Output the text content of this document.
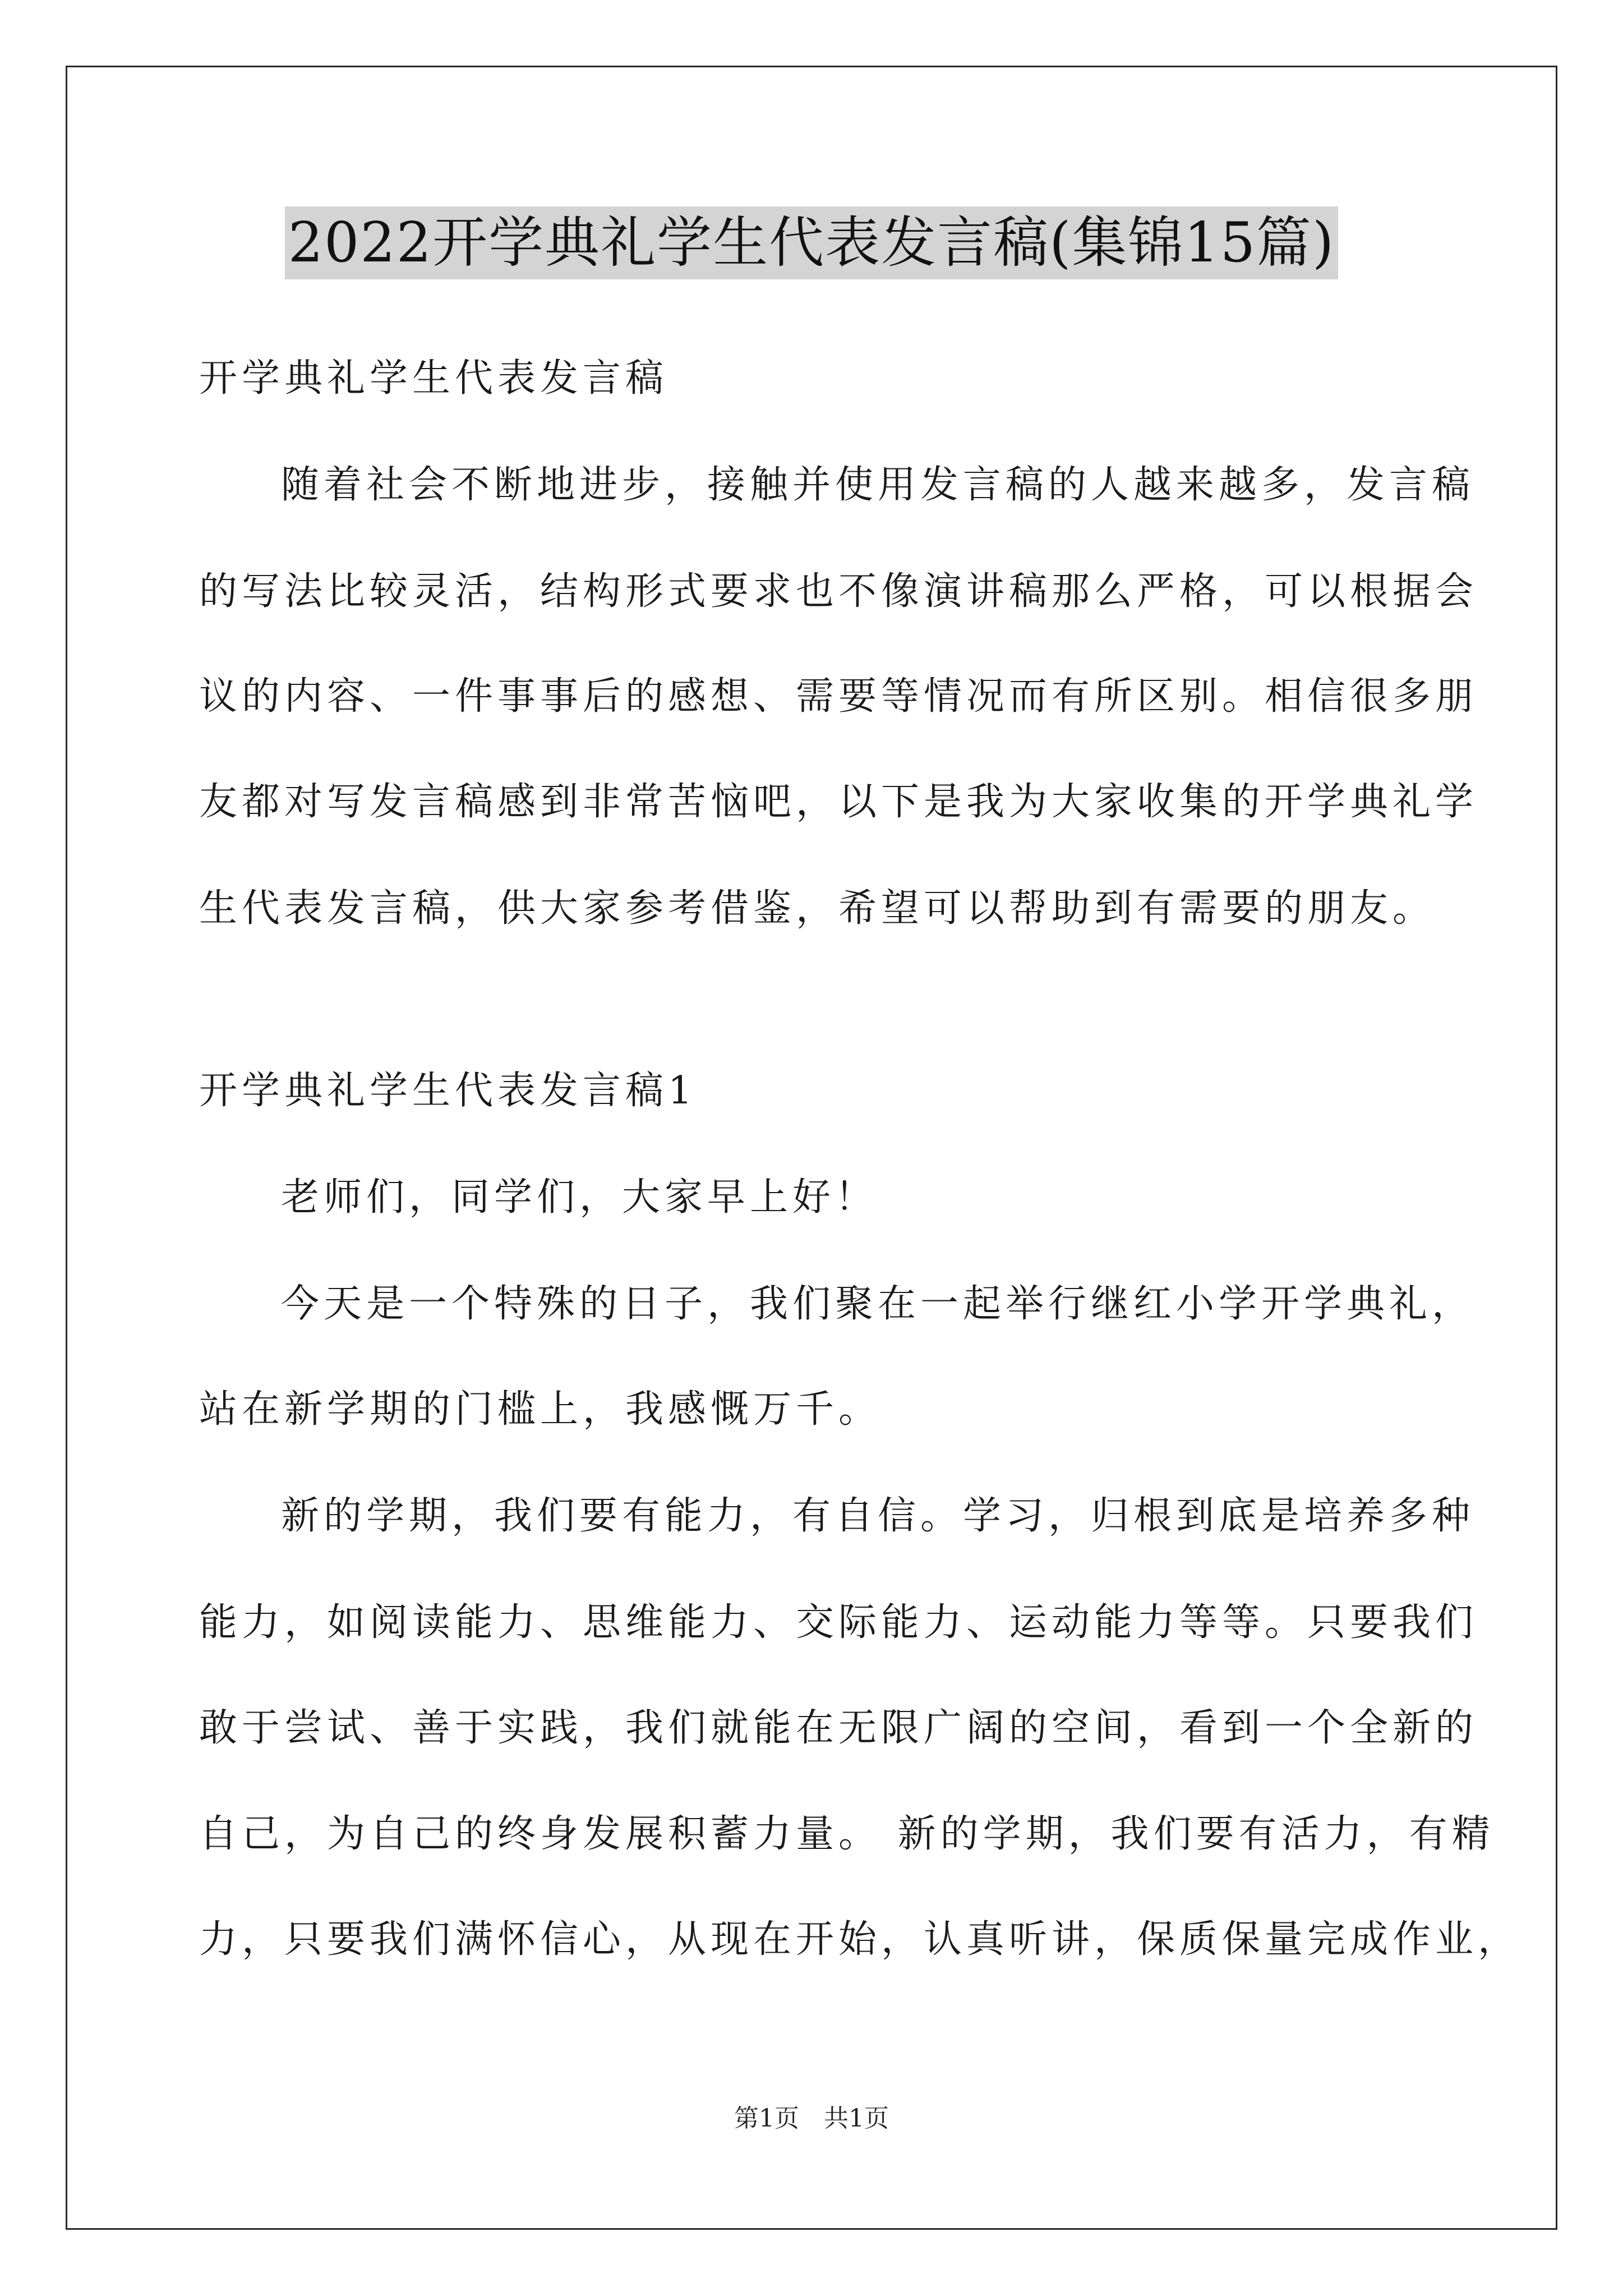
2022开学典礼学生代表发言稿(集锦15篇)
开学典礼学生代表发言稿
随着社会不断地进步，接触并使用发言稿的人越来越多，发言稿
的写法比较灵活，结构形式要求也不像演讲稿那么严格，可以根据会
议的内容、一件事事后的感想、需要等情况而有所区别。相信很多朋
友都对写发言稿感到非常苦恼吧，以下是我为大家收集的开学典礼学
生代表发言稿，供大家参考借鉴，希望可以帮助到有需要的朋友。
开学典礼学生代表发言稿1
老师们，同学们，大家早上好！
今天是一个特殊的日子，我们聚在一起举行继红小学开学典礼，
站在新学期的门槛上，我感慨万千。
新的学期，我们要有能力，有自信。学习，归根到底是培养多种
能力，如阅读能力、思维能力、交际能力、运动能力等等。只要我们
敢于尝试、善于实践，我们就能在无限广阔的空间，看到一个全新的
自己，为自己的终身发展积蓄力量。 新的学期，我们要有活力，有精
力，只要我们满怀信心，从现在开始，认真听讲，保质保量完成作业，
第1页　共1页
